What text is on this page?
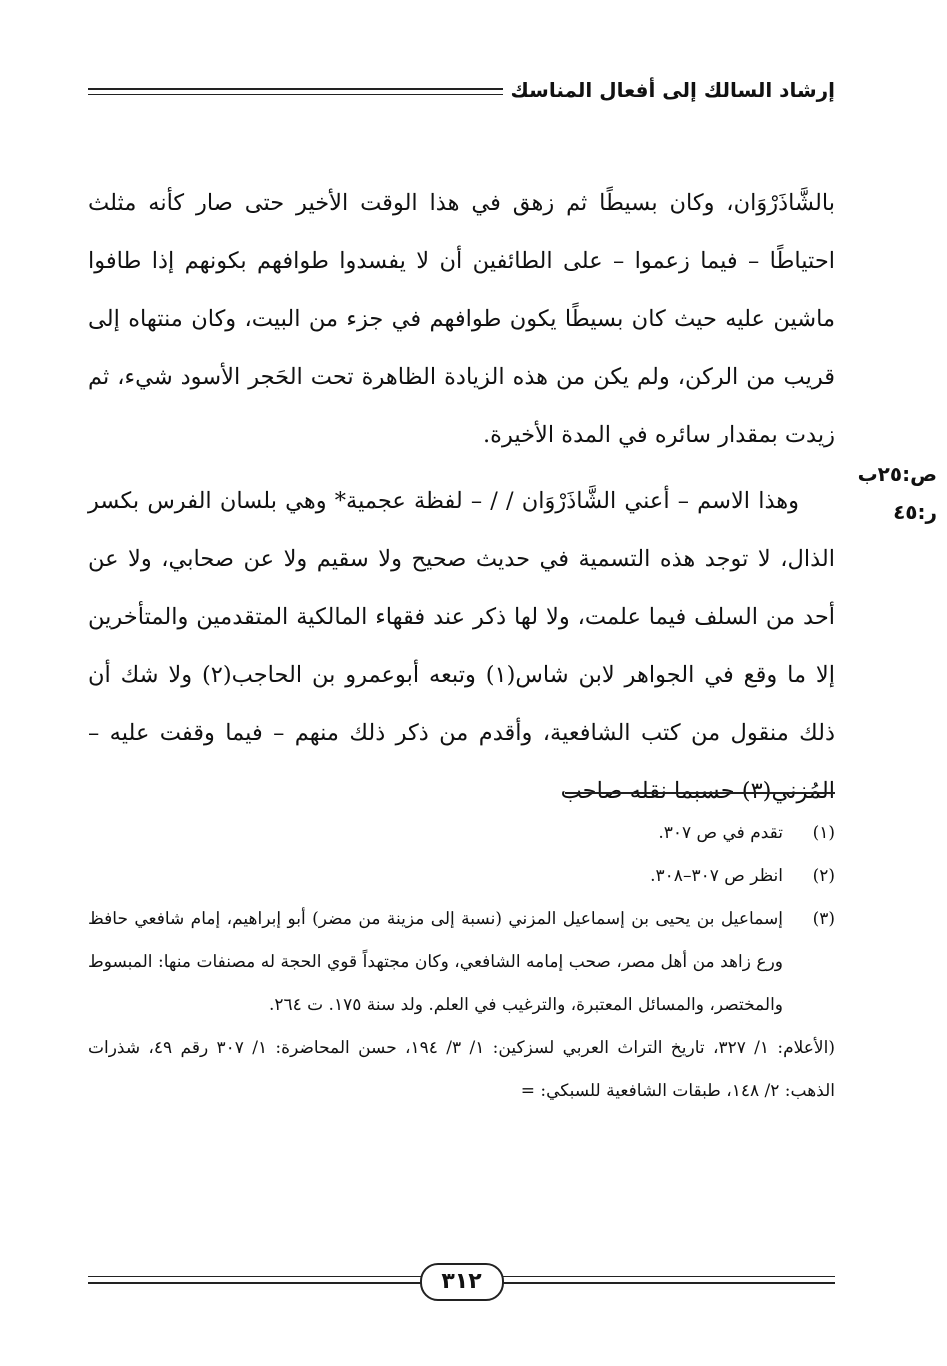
إرشاد السالك إلى أفعال المناسك
ص:٢٥ب
ر:٤٥

بالشَّاذَرْوَان، وكان بسيطًا ثم زهق في هذا الوقت الأخير حتى صار كأنه مثلث احتياطًا – فيما زعموا – على الطائفين أن لا يفسدوا طوافهم بكونهم إذا طافوا ماشين عليه حيث كان بسيطًا يكون طوافهم في جزء من البيت، وكان منتهاه إلى قريب من الركن، ولم يكن من هذه الزيادة الظاهرة تحت الحَجر الأسود شيء، ثم زيدت بمقدار سائره في المدة الأخيرة.

وهذا الاسم – أعني الشَّاذَرْوَان / / – لفظة عجمية* وهي بلسان الفرس بكسر الذال، لا توجد هذه التسمية في حديث صحيح ولا سقيم ولا عن صحابي، ولا عن أحد من السلف فيما علمت، ولا لها ذكر عند فقهاء المالكية المتقدمين والمتأخرين إلا ما وقع في الجواهر لابن شاس(١) وتبعه أبوعمرو بن الحاجب(٢) ولا شك أن ذلك منقول من كتب الشافعية، وأقدم من ذكر ذلك منهم – فيما وقفت عليه – المُزني(٣) حسبما نقله صاحب

(١)
تقدم في ص ٣٠٧.
(٢)
انظر ص ٣٠٧–٣٠٨.
(٣)
إسماعيل بن يحيى بن إسماعيل المزني (نسبة إلى مزينة من مضر) أبو إبراهيم، إمام شافعي حافظ ورع زاهد من أهل مصر، صحب إمامه الشافعي، وكان مجتهداً قوي الحجة له مصنفات منها: المبسوط والمختصر، والمسائل المعتبرة، والترغيب في العلم. ولد سنة ١٧٥. ت ٢٦٤.
(الأعلام: ١/ ٣٢٧، تاريخ التراث العربي لسزكين: ١/ ٣/ ١٩٤، حسن المحاضرة: ١/ ٣٠٧ رقم ٤٩، شذرات الذهب: ٢/ ١٤٨، طبقات الشافعية للسبكي: =
٣١٢
